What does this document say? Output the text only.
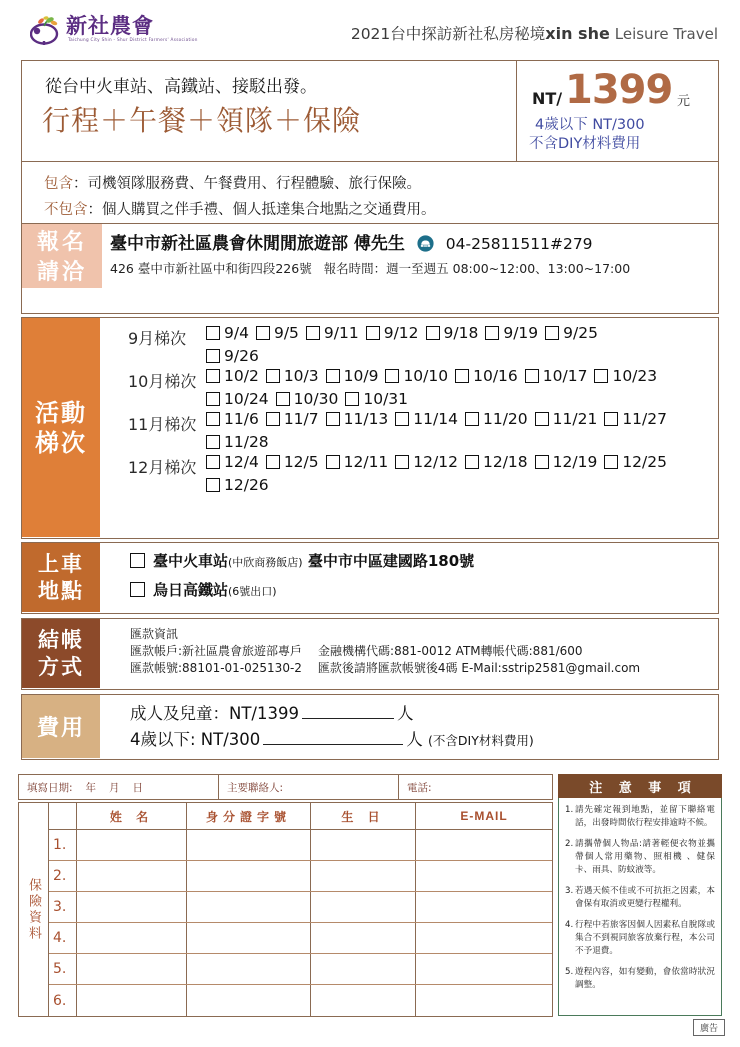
新社農會
Taichung City Shin - Shur District Farmers' Association	2021台中探訪新社私房秘境xin she Leisure Travel
從台中火車站、高鐵站、接駁出發。
行程＋午餐＋領隊＋保險
NT/ 1399 元
4歲以下 NT/300
不含DIY材料費用
包含：司機領隊服務費、午餐費用、行程體驗、旅行保險。
不包含：個人購買之伴手禮、個人抵達集合地點之交通費用。
報名
請洽
臺中市新社區農會休閒閒旅遊部 傅先生	04-25811511#279
426 臺中市新社區中和街四段226號 報名時間：週一至週五 08:00~12:00、13:00~17:00
活動
梯次
9月梯次	9/4 9/5 9/11 9/12 9/18 9/19 9/25
9/26
10月梯次	10/2 10/3 10/9 10/10 10/16 10/17 10/23
10/24 10/30 10/31
11月梯次	11/6 11/7 11/13 11/14 11/20 11/21 11/27
11/28
12月梯次	12/4 12/5 12/11 12/12 12/18 12/19 12/25
12/26
上車
地點
臺中火車站(中欣商務飯店) 臺中市中區建國路180號
烏日高鐵站(6號出口)
結帳
方式
匯款資訊
匯款帳戶:新社區農會旅遊部專戶 金融機構代碼:881-0012 ATM轉帳代碼:881/600
匯款帳號:88101-01-025130-2 匯款後請將匯款帳號後4碼 E-Mail:sstrip2581@gmail.com
費用
成人及兒童：NT/1399	人
4歲以下: NT/300	人 (不含DIY材料費用)
填寫日期: 年 月 日	主要聯絡人:	電話:
保險資料
姓 名	身分證字號	生 日	E-MAIL
1.
2.
3.
4.
5.
6.
注 意 事 項
1. 請先確定報到地點，並留下聯絡電話，出發時間依行程安排逾時不候。
2. 請攜帶個人物品:請著輕便衣物並攜帶個人常用藥物、照相機 、健保卡、雨具、防蚊液等。
3. 若遇天候不佳或不可抗拒之因素，本會保有取消或更變行程權利。
4. 行程中若旅客因個人因素私自脫隊或集合不到視同旅客放棄行程，本公司不予退費。
5. 遊程內容，如有變動，會依當時狀況調整。
廣告
